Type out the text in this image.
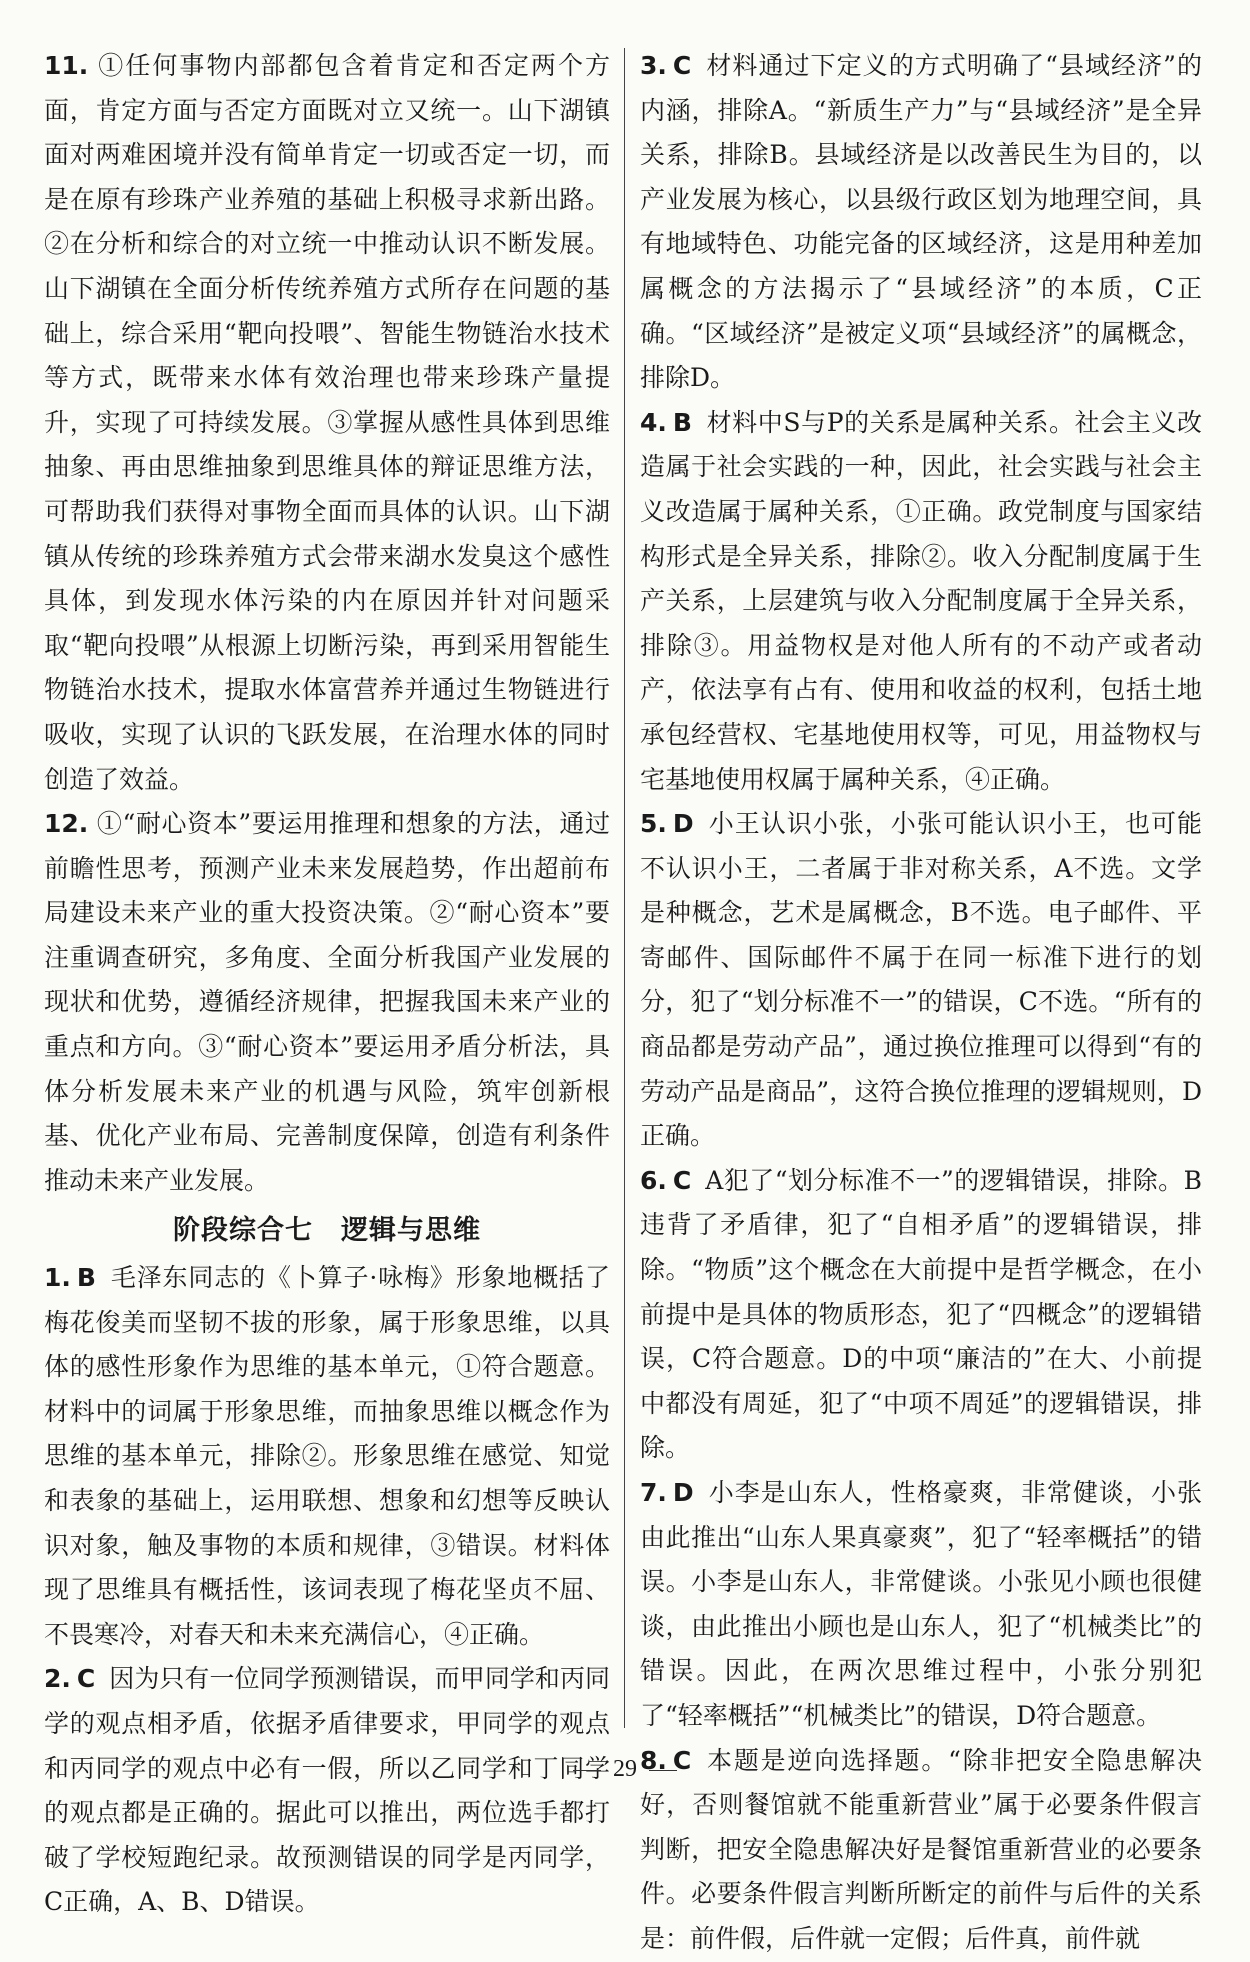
11. ①任何事物内部都包含着肯定和否定两个方面，肯定方面与否定方面既对立又统一。山下湖镇面对两难困境并没有简单肯定一切或否定一切，而是在原有珍珠产业养殖的基础上积极寻求新出路。②在分析和综合的对立统一中推动认识不断发展。山下湖镇在全面分析传统养殖方式所存在问题的基础上，综合采用“靶向投喂”、智能生物链治水技术等方式，既带来水体有效治理也带来珍珠产量提升，实现了可持续发展。③掌握从感性具体到思维抽象、再由思维抽象到思维具体的辩证思维方法，可帮助我们获得对事物全面而具体的认识。山下湖镇从传统的珍珠养殖方式会带来湖水发臭这个感性具体，到发现水体污染的内在原因并针对问题采取“靶向投喂”从根源上切断污染，再到采用智能生物链治水技术，提取水体富营养并通过生物链进行吸收，实现了认识的飞跃发展，在治理水体的同时创造了效益。

12. ①“耐心资本”要运用推理和想象的方法，通过前瞻性思考，预测产业未来发展趋势，作出超前布局建设未来产业的重大投资决策。②“耐心资本”要注重调查研究，多角度、全面分析我国产业发展的现状和优势，遵循经济规律，把握我国未来产业的重点和方向。③“耐心资本”要运用矛盾分析法，具体分析发展未来产业的机遇与风险，筑牢创新根基、优化产业布局、完善制度保障，创造有利条件推动未来产业发展。

阶段综合七　逻辑与思维

1. B 毛泽东同志的《卜算子·咏梅》形象地概括了梅花俊美而坚韧不拔的形象，属于形象思维，以具体的感性形象作为思维的基本单元，①符合题意。材料中的词属于形象思维，而抽象思维以概念作为思维的基本单元，排除②。形象思维在感觉、知觉和表象的基础上，运用联想、想象和幻想等反映认识对象，触及事物的本质和规律，③错误。材料体现了思维具有概括性，该词表现了梅花坚贞不屈、不畏寒冷，对春天和未来充满信心，④正确。

2. C 因为只有一位同学预测错误，而甲同学和丙同学的观点相矛盾，依据矛盾律要求，甲同学的观点和丙同学的观点中必有一假，所以乙同学和丁同学的观点都是正确的。据此可以推出，两位选手都打破了学校短跑纪录。故预测错误的同学是丙同学，C正确，A、B、D错误。

3. C 材料通过下定义的方式明确了“县域经济”的内涵，排除A。“新质生产力”与“县域经济”是全异关系，排除B。县域经济是以改善民生为目的，以产业发展为核心，以县级行政区划为地理空间，具有地域特色、功能完备的区域经济，这是用种差加属概念的方法揭示了“县域经济”的本质，C正确。“区域经济”是被定义项“县域经济”的属概念，排除D。

4. B 材料中S与P的关系是属种关系。社会主义改造属于社会实践的一种，因此，社会实践与社会主义改造属于属种关系，①正确。政党制度与国家结构形式是全异关系，排除②。收入分配制度属于生产关系，上层建筑与收入分配制度属于全异关系，排除③。用益物权是对他人所有的不动产或者动产，依法享有占有、使用和收益的权利，包括土地承包经营权、宅基地使用权等，可见，用益物权与宅基地使用权属于属种关系，④正确。

5. D 小王认识小张，小张可能认识小王，也可能不认识小王，二者属于非对称关系，A不选。文学是种概念，艺术是属概念，B不选。电子邮件、平寄邮件、国际邮件不属于在同一标准下进行的划分，犯了“划分标准不一”的错误，C不选。“所有的商品都是劳动产品”，通过换位推理可以得到“有的劳动产品是商品”，这符合换位推理的逻辑规则，D正确。

6. C A犯了“划分标准不一”的逻辑错误，排除。B违背了矛盾律，犯了“自相矛盾”的逻辑错误，排除。“物质”这个概念在大前提中是哲学概念，在小前提中是具体的物质形态，犯了“四概念”的逻辑错误，C符合题意。D的中项“廉洁的”在大、小前提中都没有周延，犯了“中项不周延”的逻辑错误，排除。

7. D 小李是山东人，性格豪爽，非常健谈，小张由此推出“山东人果真豪爽”，犯了“轻率概括”的错误。小李是山东人，非常健谈。小张见小顾也很健谈，由此推出小顾也是山东人，犯了“机械类比”的错误。因此，在两次思维过程中，小张分别犯了“轻率概括”“机械类比”的错误，D符合题意。

8. C 本题是逆向选择题。“除非把安全隐患解决好，否则餐馆就不能重新营业”属于必要条件假言判断，把安全隐患解决好是餐馆重新营业的必要条件。必要条件假言判断所断定的前件与后件的关系是：前件假，后件就一定假；后件真，前件就

29
